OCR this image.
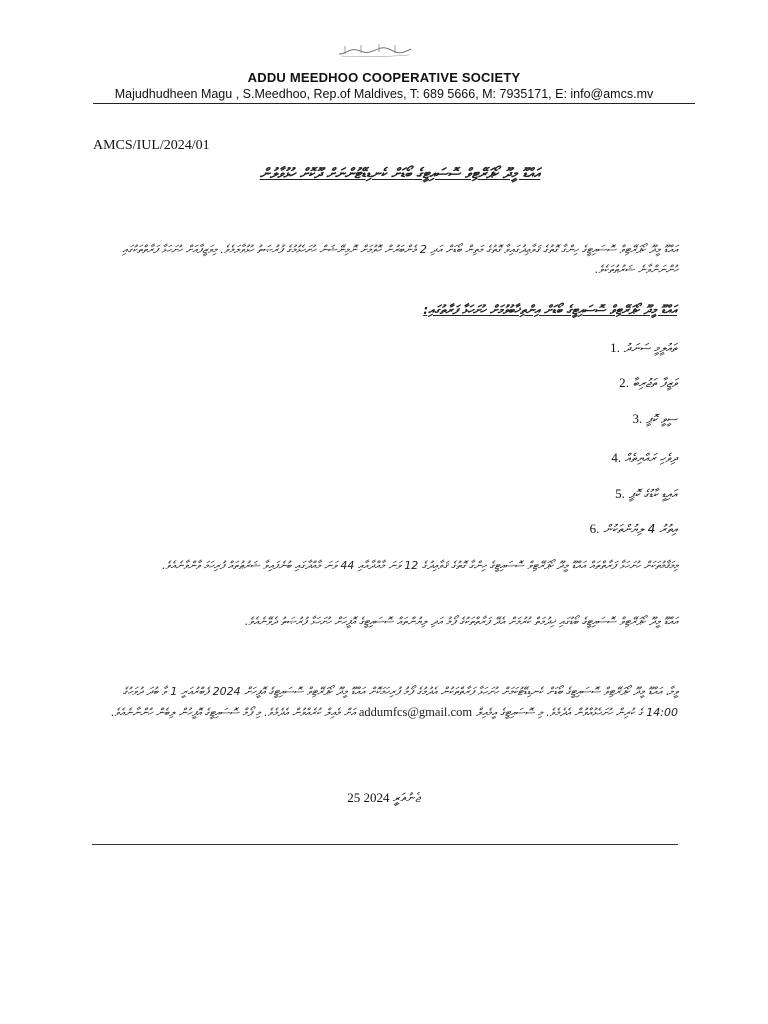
ADDU MEEDHOO COOPERATIVE SOCIETY
Majudhudheen Magu , S.Meedhoo, Rep.of Maldives, T: 689 5666, M: 7935171, E: info@amcs.mv
AMCS/IUL/2024/01
އައްޑޫ މީދޫ ކޯޕަރޭޓިވް ސޮސައިޓީގެ ބޯޑަށް ކެނޑިޑޭޓުންނަށް ދޫކޮށް ހުޅުވާލުން
އައްޑޫ މީދޫ ކޯޕަރޭޓިވް ސޮސައިޓީގެ ހިންގާ ގޮތުގެ ޤަވާޢިދުގައިވާ ގޮތުގެ މަތިން ބޯޑަށް އަދި 2 މެންބަރުން ހޮވުމަށް ނޮމިނޭޝަން ހުށަހެޅުމުގެ ފުރުޞަތު ހުޅުވާލަމެވެ. މިވަޒީފާއަށް ހުށަހަޅާ ފަރާތްތަކުގައި ހުންނަންވާނެ ޝަރުޠުތަކެވެ.
އައްޑޫ މީދޫ ކޯޕަރޭޓިވް ސޮސައިޓީގެ ބޯޑަށް އިންތިޚާބުވުމަށް ހުށަހަޅާ ފަރާތުގައި:
1. ތައުލީމީ ސަނަދު
2. ވަޒީފާ ތަޖުރިބާ
3. ސީވީ ކޮޕީ
4. ދިވެހި ރައްޔިތެއް
5. އައިޑީ ކާޑުގެ ކޮޕީ
6. އިތުރު 4 ލިޔުންތަކުން
މިމަޤާމުތަކަށް ހުށަހަޅާ ފަރާތްތައް އައްޑޫ މީދޫ ކޯޕަރޭޓިވް ސޮސައިޓީގެ ހިންގާ ގޮތުގެ ޤަވާއިދުގެ 12 ވަނަ މާއްދާއާއި 44 ވަނަ މާއްދާގައި ބުނެފައިވާ ޝަރުޠުތައް ފުރިހަމަ ވާންވާނެއެވެ.
އައްޑޫ މީދޫ ކޯޕަރޭޓިވް ސޮސައިޓީގެ ބޯޑުގައި ޚިދުމަތް ކުރުމަށް އެދޭ ފަރާތްތަކުގެ ފޯމު އަދި ލިޔުންތައް ސޮސައިޓީގެ އޮފީހަށް ހުށަހަޅާ ފުރުޞަތު ދެވޭނެއެވެ.
ވީމާ، އައްޑޫ މީދޫ ކޯޕަރޭޓިވް ސޮސައިޓީގެ ބޯޑަށް ކެނޑިޑޭޓުކަމަށް ހުށަހަޅާ ފަރާތްތަކުން އެދުމުގެ ފޯމު ފުރިހަމަކޮށް އައްޑޫ މީދޫ ކޯޕަރޭޓިވް ސޮސައިޓީގެ އޮފީހަށް 2024 ފެބްރުއަރީ 1 ވާ ބުދަ ދުވަހުގެ 14:00 ގެ ކުރިން ހުށަހެޅުއްވުން އެދެމެވެ. މި ސޮސައިޓީގެ އީމެއިލް addumfcs@gmail.com އަށް މެއިލް ކުރެއްވުން އެދެމެވެ. މި ފޯމް ސޮސައިޓީގެ އޮފީހުން ލިބެން ހުންނާނެއެވެ.
25 ޖެނުއަރީ 2024
